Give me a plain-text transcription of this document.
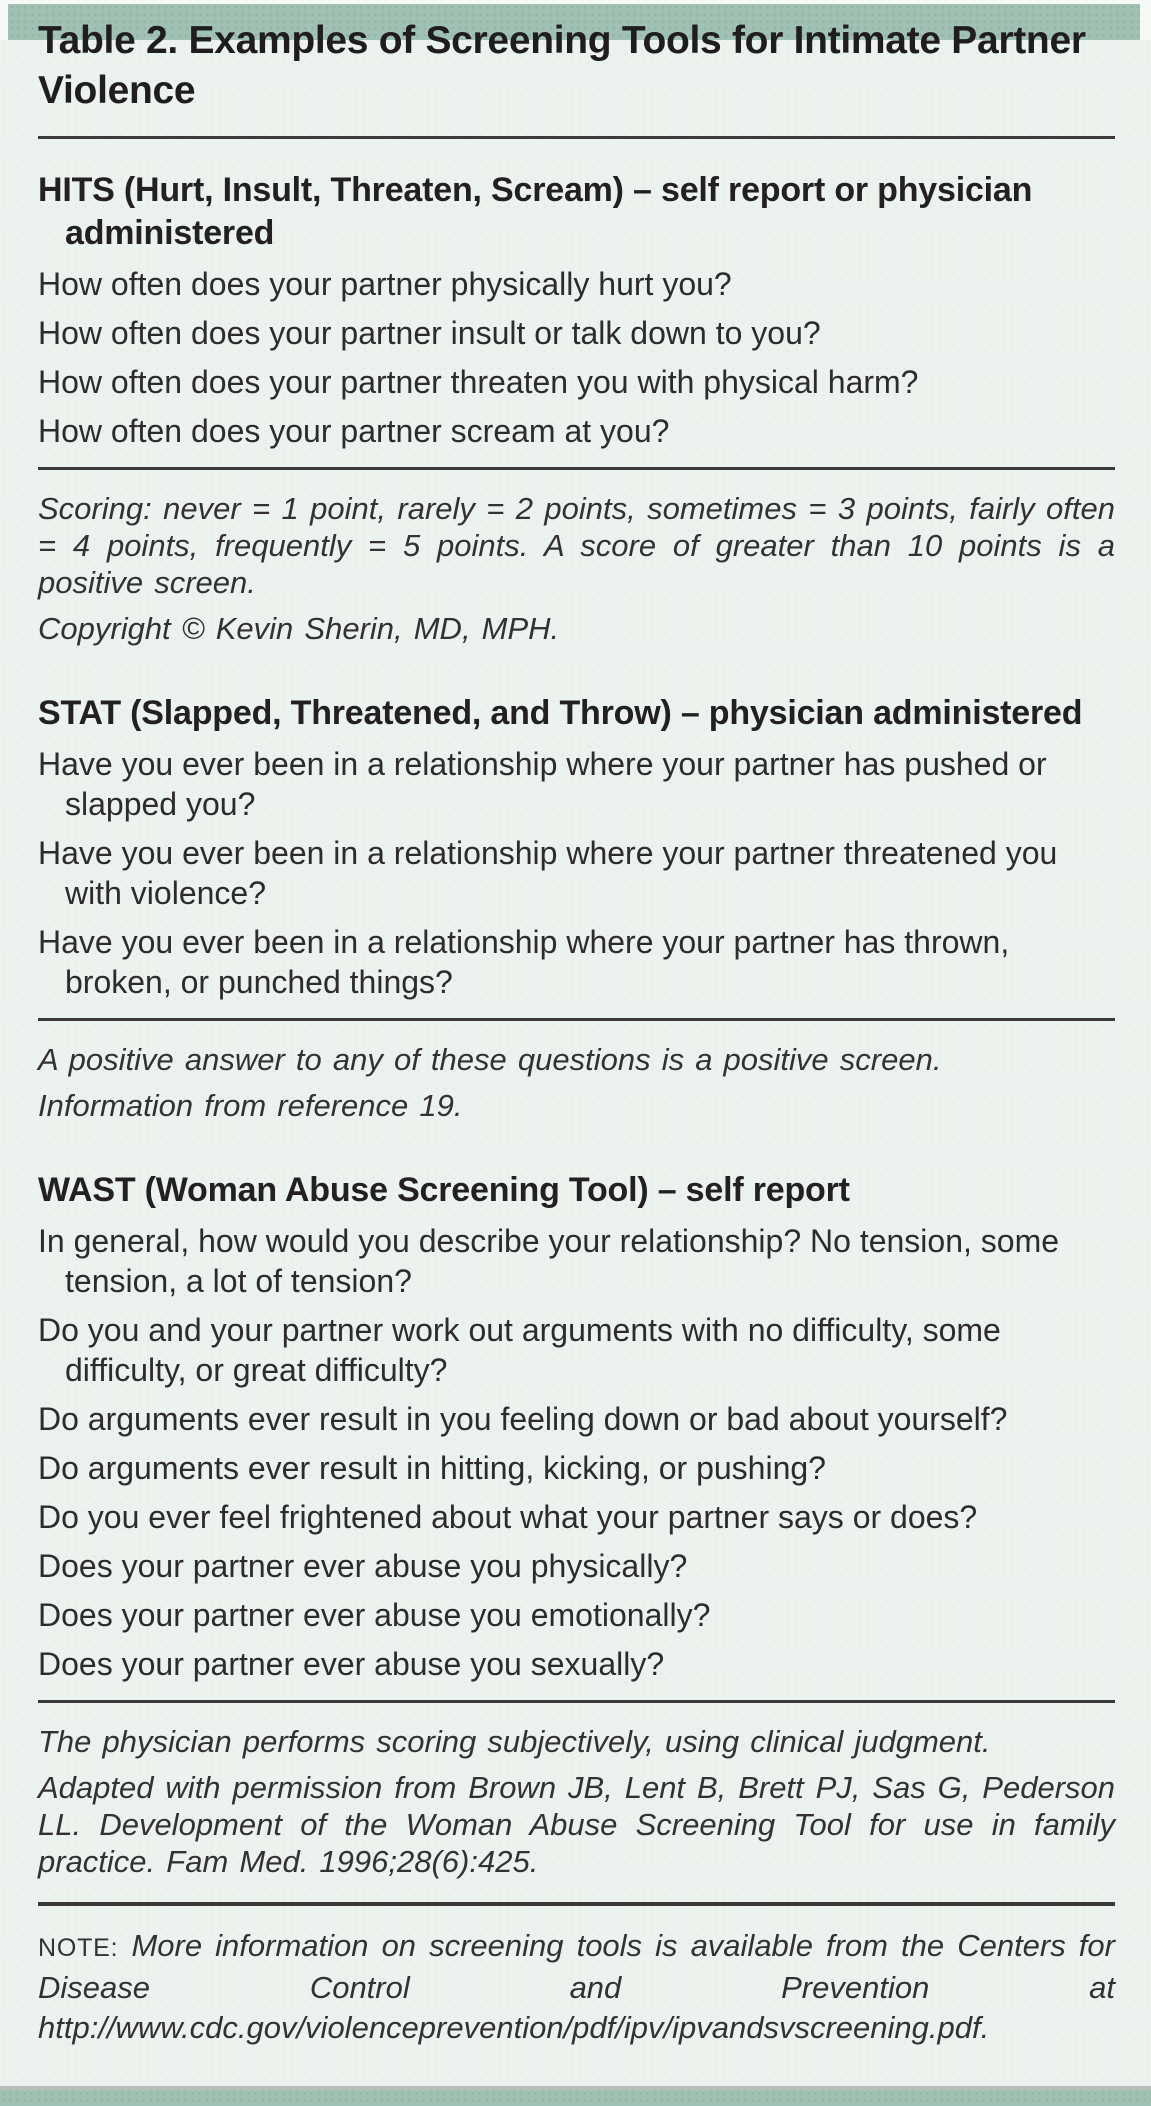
Table 2. Examples of Screening Tools for Intimate Partner Violence
HITS (Hurt, Insult, Threaten, Scream) – self report or physician administered

How often does your partner physically hurt you?

How often does your partner insult or talk down to you?

How often does your partner threaten you with physical harm?

How often does your partner scream at you?

Scoring: never = 1 point, rarely = 2 points, sometimes = 3 points, fairly often = 4 points, frequently = 5 points. A score of greater than 10 points is a positive screen.

Copyright © Kevin Sherin, MD, MPH.

STAT (Slapped, Threatened, and Throw) – physician administered

Have you ever been in a relationship where your partner has pushed or slapped you?

Have you ever been in a relationship where your partner threatened you with violence?

Have you ever been in a relationship where your partner has thrown, broken, or punched things?

A positive answer to any of these questions is a positive screen.

Information from reference 19.

WAST (Woman Abuse Screening Tool) – self report

In general, how would you describe your relationship? No tension, some tension, a lot of tension?

Do you and your partner work out arguments with no difficulty, some difficulty, or great difficulty?

Do arguments ever result in you feeling down or bad about yourself?

Do arguments ever result in hitting, kicking, or pushing?

Do you ever feel frightened about what your partner says or does?

Does your partner ever abuse you physically?

Does your partner ever abuse you emotionally?

Does your partner ever abuse you sexually?

The physician performs scoring subjectively, using clinical judgment.

Adapted with permission from Brown JB, Lent B, Brett PJ, Sas G, Pederson LL. Development of the Woman Abuse Screening Tool for use in family practice. Fam Med. 1996;28(6):425.

NOTE: More information on screening tools is available from the Centers for Disease Control and Prevention at http://www.cdc.gov/violenceprevention/pdf/ipv/ipvandsvscreening.pdf.
